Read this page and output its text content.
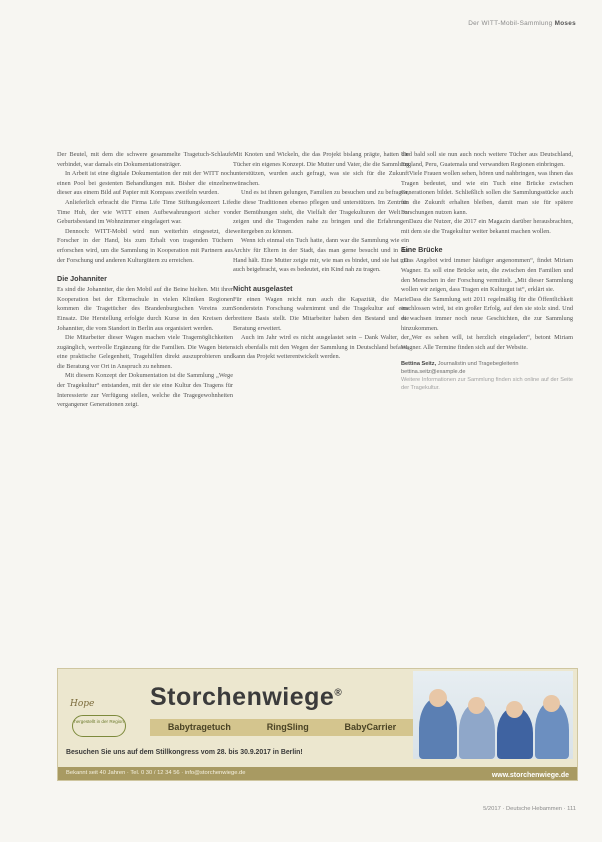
Der WITT-Mobil-Sammlung Moses

Der Beutel, mit dem die schwere gesammelte Tragetuch-Schlaufe verbindet, war damals ein Dokumentationsträger.

In Arbeit ist eine digitale Dokumentation der mit der WITT noch einen Pool bei gestenten Behandlungen mit. Bisher die einzelnen dieser aus einem Bild auf Papier mit Kompass zweifeln wurden.

Anlieferlich erbracht die Firma Life Time Stiftungskonzert Life Time Hub, der wie WITT einen Aufbewahrungsort sicher von Geburtsbestand im Wohnzimmer eingelagert war.

Dennoch: WITT-Mobil wird nun weiterhin eingesetzt, die Forscher in der Hand, bis zum Erhalt von tragenden Tüchern erforschen wird, um die Sammlung in Kooperation mit Partnern aus der Forschung und anderen Kulturgütern zu erreichen.

Die Johanniter

Es sind die Johanniter, die den Mobil auf die Beine hielten. Mit ihrer Kooperation bei der Elternschule in vielen Kliniken Regionen kommen die Tragetücher des Brandenburgischen Vereins zum Einsatz. Die Herstellung erfolgte durch Kurse in den Kreisen der Johanniter, die vom Standort in Berlin aus organisiert werden.

Die Mitarbeiter dieser Wagen machen viele Tragemöglichkeiten zugänglich, wertvolle Ergänzung für die Familien. Die Wagen bieten eine praktische Gelegenheit, Tragehilfen direkt auszuprobieren und die Beratung vor Ort in Anspruch zu nehmen.

Mit diesem Konzept der Dokumentation ist die Sammlung „Wege der Tragekultur“ entstanden, mit der sie eine Kultur des Tragens für Interessierte zur Verfügung stellen, welche die Tragegewohnheiten vergangener Generationen zeigt.

Mit Knoten und Wickeln, die das Projekt bislang prägte, hatten die Tücher ein eigenes Konzept. Die Mutter und Vater, die die Sammlung unterstützen, wurden auch gefragt, was sie sich für die Zukunft wünschen.

Und es ist ihnen gelungen, Familien zu besuchen und zu befragen, die diese Traditionen ebenso pflegen und unterstützen. Im Zentrum der Bemühungen steht, die Vielfalt der Tragekulturen der Welt zu zeigen und die Tragenden nahe zu bringen und die Erfahrungen weitergeben zu können.

Wenn ich einmal ein Tuch hatte, dann war die Sammlung wie ein Archiv für Eltern in der Stadt, das man gerne besucht und in der Hand hält. Eine Mutter zeigte mir, wie man es bindet, und sie hat mir auch beigebracht, was es bedeutet, ein Kind nah zu tragen.

Nicht ausgelastet

Für einen Wagen reicht nun auch die Kapazität, die Marie Sonderstein Forschung wahrnimmt und die Tragekultur auf eine breitere Basis stellt. Die Mitarbeiter haben den Bestand und die Beratung erweitert.

Auch im Jahr wird es nicht ausgelastet sein – Dank Walter, der sich ebenfalls mit den Wegen der Sammlung in Deutschland befasst, kann das Projekt weiterentwickelt werden.

Und bald soll sie nun auch noch weitere Tücher aus Deutschland, England, Peru, Guatemala und verwandten Regionen einbringen.

Viele Frauen wollen sehen, hören und nahbringen, was ihnen das Tragen bedeutet, und wie ein Tuch eine Brücke zwischen Generationen bildet. Schließlich sollen die Sammlungsstücke auch für die Zukunft erhalten bleiben, damit man sie für spätere Forschungen nutzen kann.

Dazu die Nutzer, die 2017 ein Magazin darüber herausbrachten, mit dem sie die Tragekultur weiter bekannt machen wollen.

Eine Brücke

„Das Angebot wird immer häufiger angenommen“, findet Miriam Wagner. Es soll eine Brücke sein, die zwischen den Familien und den Menschen in der Forschung vermittelt. „Mit dieser Sammlung wollen wir zeigen, dass Tragen ein Kulturgut ist“, erklärt sie.

Dass die Sammlung seit 2011 regelmäßig für die Öffentlichkeit erschlossen wird, ist ein großer Erfolg, auf den sie stolz sind. Und es wachsen immer noch neue Geschichten, die zur Sammlung hinzukommen.

„Wer es sehen will, ist herzlich eingeladen“, betont Miriam Wagner. Alle Termine finden sich auf der Website.

Bettina Seitz, Journalistin und Tragebegleiterin
bettina.seitz@example.de
Weitere Informationen zur Sammlung finden sich online auf der Seite der Tragekultur.
Hope
hergestellt in der Region
Storchenwiege®
Babytragetuch	RingSling	BabyCarrier
Besuchen Sie uns auf dem Stillkongress vom 28. bis 30.9.2017 in Berlin!
Bekannt seit 40 Jahren · Tel. 0 30 / 12 34 56 · info@storchenwiege.de	www.storchenwiege.de
5/2017 · Deutsche Hebammen · 111
